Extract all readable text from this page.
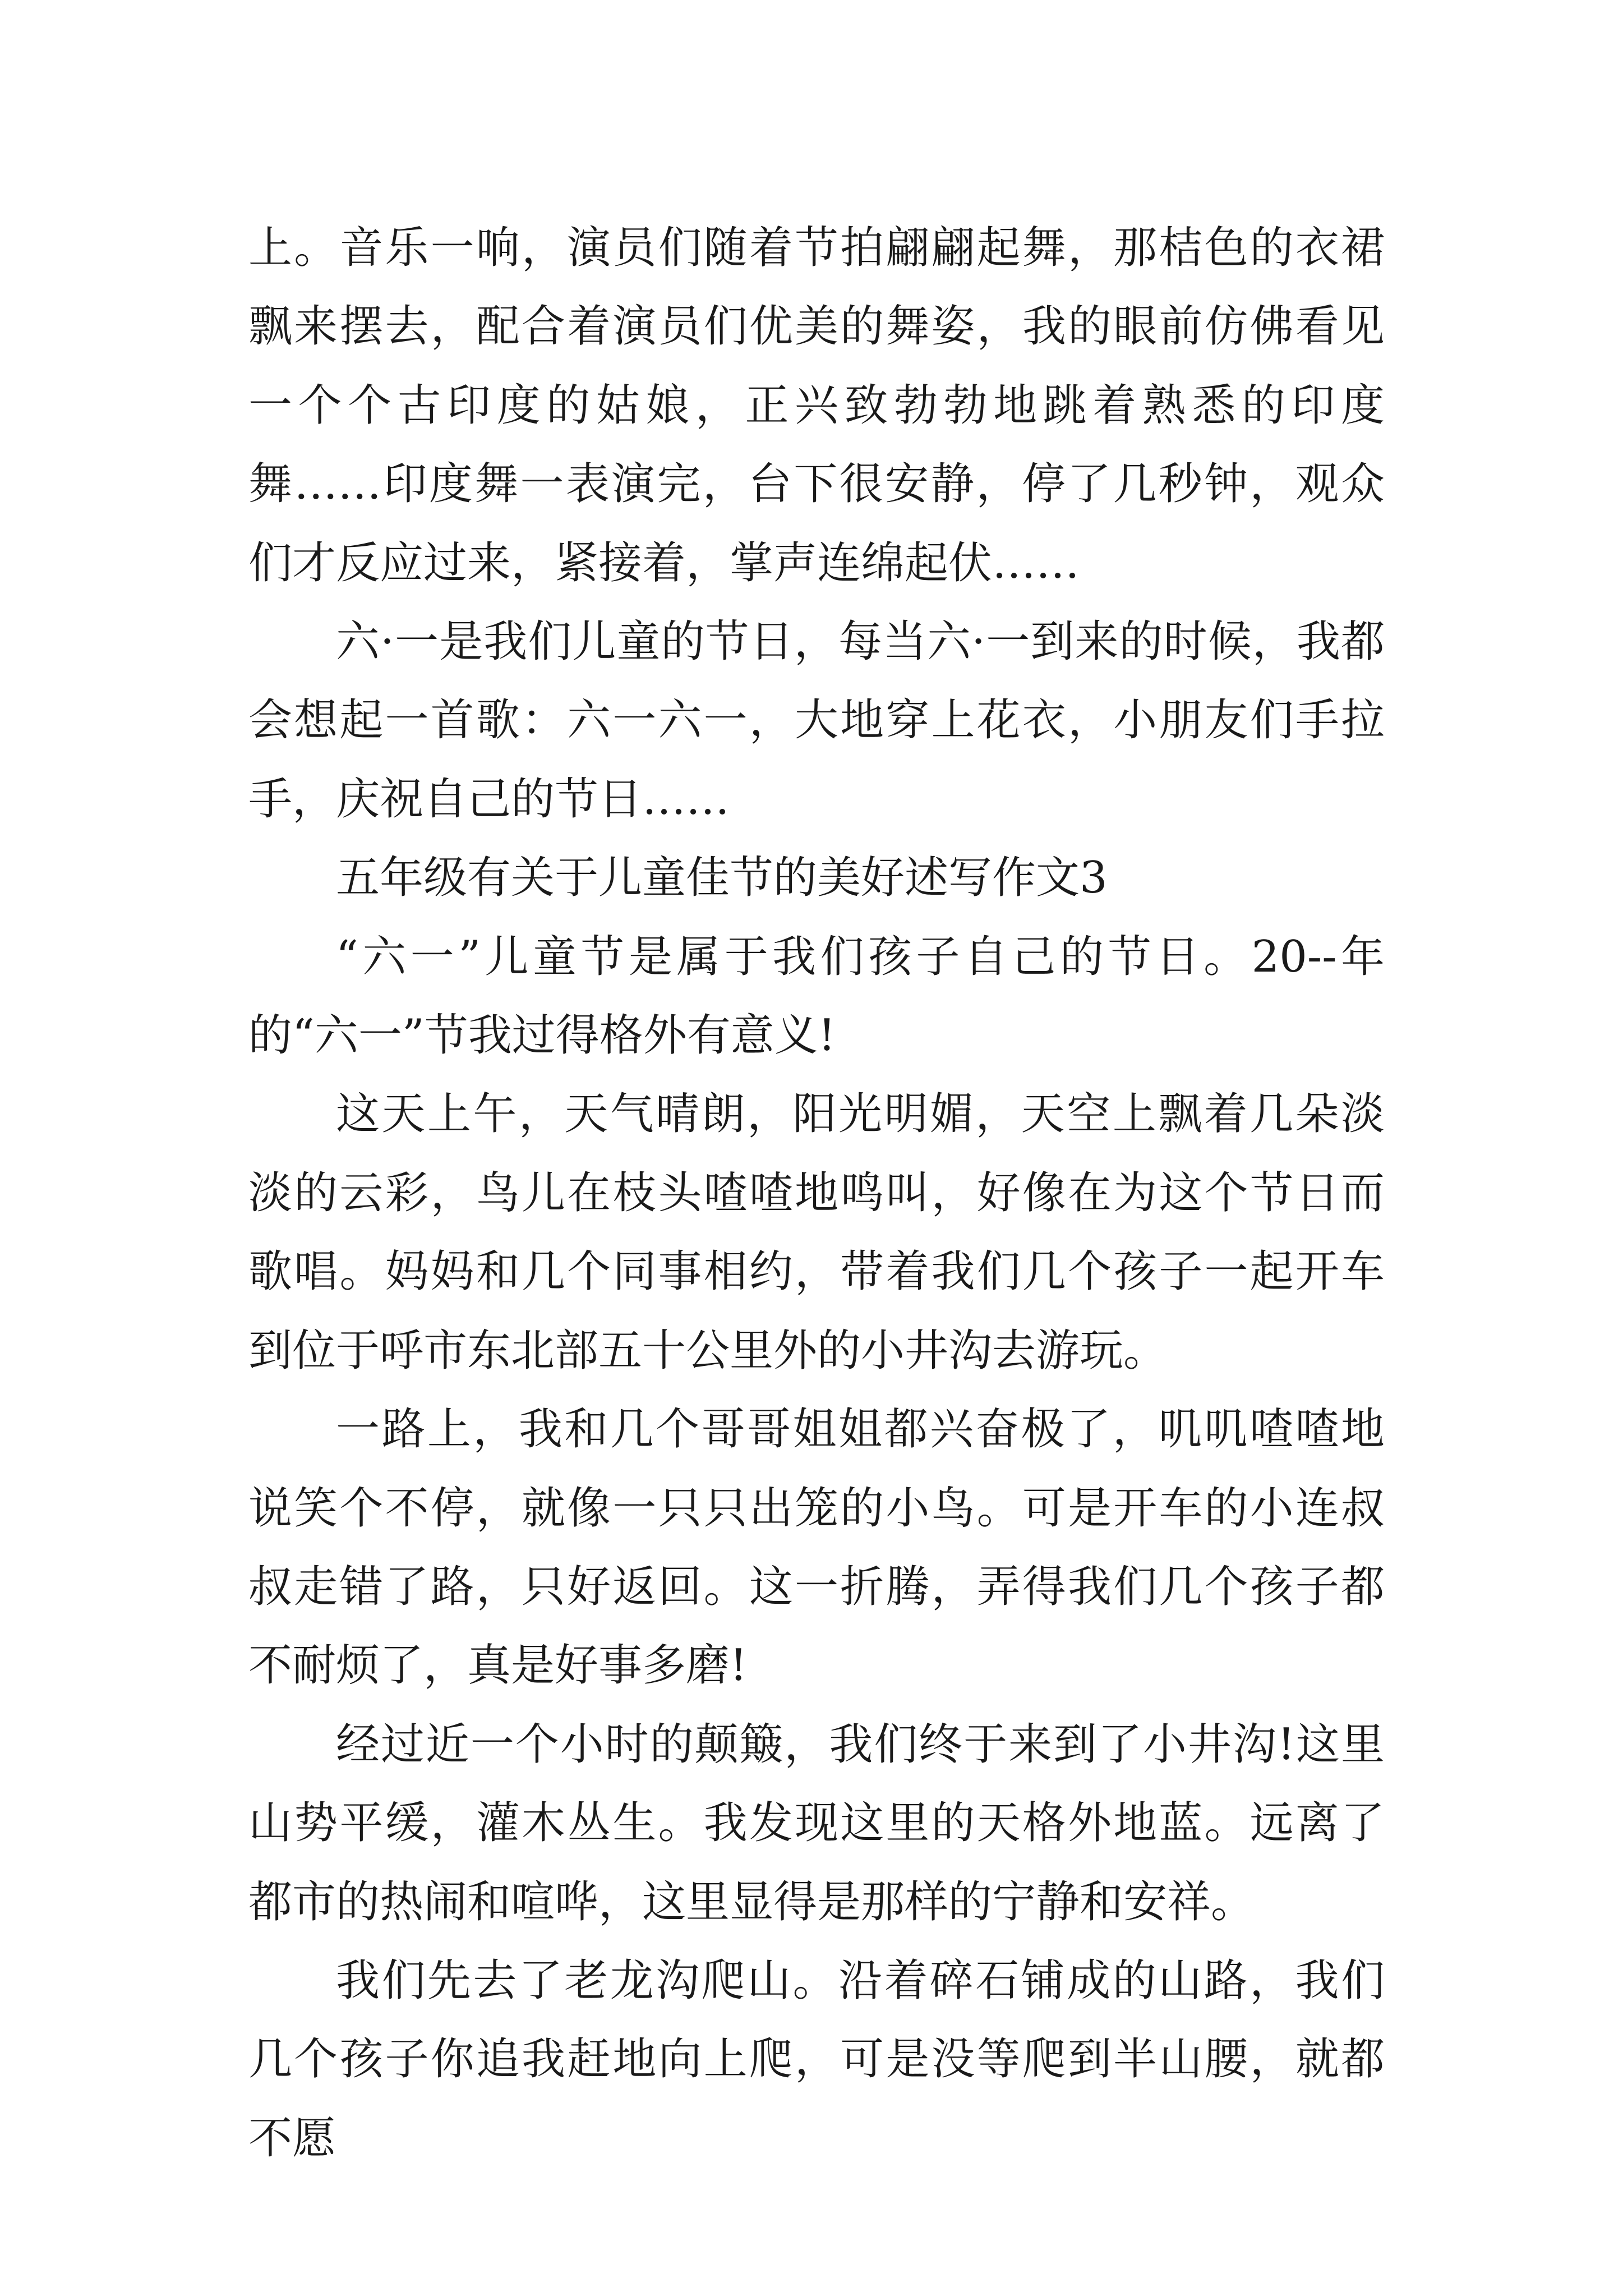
上。音乐一响，演员们随着节拍翩翩起舞，那桔色的衣裙飘来摆去，配合着演员们优美的舞姿，我的眼前仿佛看见一个个古印度的姑娘，正兴致勃勃地跳着熟悉的印度舞……印度舞一表演完，台下很安静，停了几秒钟，观众们才反应过来，紧接着，掌声连绵起伏……

六·一是我们儿童的节日，每当六·一到来的时候，我都会想起一首歌：六一六一，大地穿上花衣，小朋友们手拉手，庆祝自己的节日……

五年级有关于儿童佳节的美好述写作文3

“六一”儿童节是属于我们孩子自己的节日。20--年的“六一”节我过得格外有意义!

这天上午，天气晴朗，阳光明媚，天空上飘着几朵淡淡的云彩，鸟儿在枝头喳喳地鸣叫，好像在为这个节日而歌唱。妈妈和几个同事相约，带着我们几个孩子一起开车到位于呼市东北部五十公里外的小井沟去游玩。

一路上，我和几个哥哥姐姐都兴奋极了，叽叽喳喳地说笑个不停，就像一只只出笼的小鸟。可是开车的小连叔叔走错了路，只好返回。这一折腾，弄得我们几个孩子都不耐烦了，真是好事多磨!

经过近一个小时的颠簸，我们终于来到了小井沟!这里山势平缓，灌木丛生。我发现这里的天格外地蓝。远离了都市的热闹和喧哗，这里显得是那样的宁静和安祥。

我们先去了老龙沟爬山。沿着碎石铺成的山路，我们几个孩子你追我赶地向上爬，可是没等爬到半山腰，就都不愿
